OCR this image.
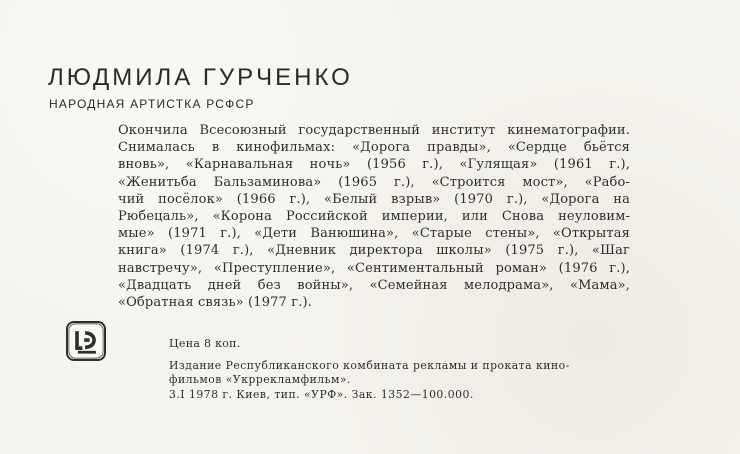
ЛЮДМИЛА ГУРЧЕНКО

НАРОДНАЯ АРТИСТКА РСФСР

Окончила Всесоюзный государственный институт кинематографии.
Снималась в кинофильмах: «Дорога правды», «Сердце бьётся
вновь», «Карнавальная ночь» (1956 г.), «Гулящая» (1961 г.),
«Женитьба Бальзаминова» (1965 г.), «Строится мост», «Рабо-
чий посёлок» (1966 г.), «Белый взрыв» (1970 г.), «Дорога на
Рюбецаль», «Корона Российской империи, или Снова неуловим-
мые» (1971 г.), «Дети Ванюшина», «Старые стены», «Открытая
книга» (1974 г.), «Дневник директора школы» (1975 г.), «Шаг
навстречу», «Преступление», «Сентиментальный роман» (1976 г.),
«Двадцать дней без войны», «Семейная мелодрама», «Мама»,
«Обратная связь» (1977 г.).

Цена 8 коп.

Издание Республиканского комбината рекламы и проката кино-
фильмов «Укррекламфильм».
3.I 1978 г. Киев, тип. «УРФ». Зак. 1352—100.000.
